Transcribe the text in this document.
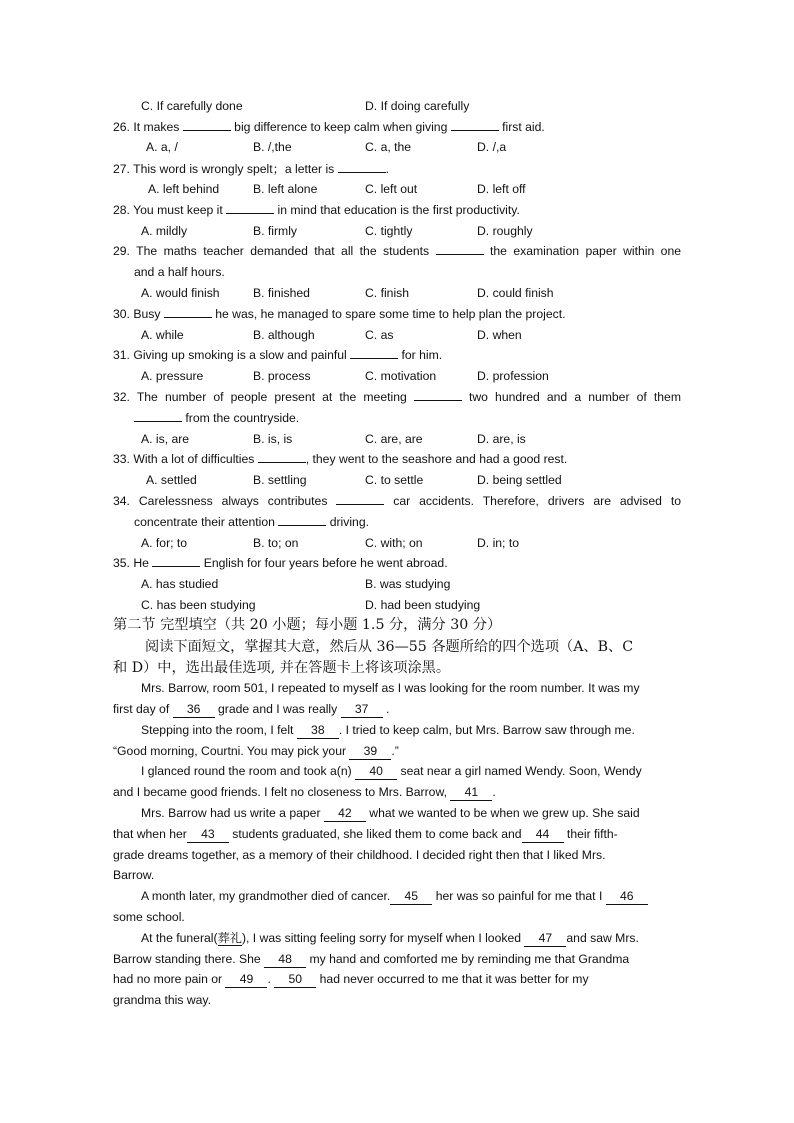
C. If carefully done	D. If doing carefully
26. It makes	big difference to keep calm when giving	first aid.
A. a, /	B. /,the	C. a, the	D. /,a
27. This word is wrongly spelt；a letter is	.
A. left behind	B. left alone	C. left out	D. left off
28. You must keep it	in mind that education is the first productivity.
A. mildly	B. firmly	C. tightly	D. roughly
29. The maths teacher demanded that all the students	the examination paper within one
and a half hours.
A. would finish	B. finished	C. finish	D. could finish
30. Busy	he was, he managed to spare some time to help plan the project.
A. while	B. although	C. as	D. when
31. Giving up smoking is a slow and painful	for him.
A. pressure	B. process	C. motivation	D. profession
32. The number of people present at the meeting	two hundred and a number of them
from the countryside.
A. is, are	B. is, is	C. are, are	D. are, is
33. With a lot of difficulties	, they went to the seashore and had a good rest.
A. settled	B. settling	C. to settle	D. being settled
34. Carelessness always contributes	car accidents. Therefore, drivers are advised to
concentrate their attention	driving.
A. for; to	B. to; on	C. with; on	D. in; to
35. He	English for four years before he went abroad.
A. has studied	B. was studying
C. has been studying	D. had been studying
第二节 完型填空（共 20 小题；每小题 1.5 分，满分 30 分）
阅读下面短文，掌握其大意，然后从 36—55 各题所给的四个选项（A、B、C
和 D）中，选出最佳选项, 并在答题卡上将该项涂黑。
Mrs. Barrow, room 501, I repeated to myself as I was looking for the room number. It was my
first day of 36 grade and I was really 37 .
Stepping into the room, I felt 38 . I tried to keep calm, but Mrs. Barrow saw through me.
“Good morning, Courtni. You may pick your 39 .”
I glanced round the room and took a(n) 40 seat near a girl named Wendy. Soon, Wendy
and I became good friends. I felt no closeness to Mrs. Barrow, 41 .
Mrs. Barrow had us write a paper 42 what we wanted to be when we grew up. She said
that when her 43 students graduated, she liked them to come back and 44 their fifth-
grade dreams together, as a memory of their childhood. I decided right then that I liked Mrs.
Barrow.
A month later, my grandmother died of cancer. 45 her was so painful for me that I 46
some school.
At the funeral(葬礼), I was sitting feeling sorry for myself when I looked 47 and saw Mrs.
Barrow standing there. She 48 my hand and comforted me by reminding me that Grandma
had no more pain or 49 . 50 had never occurred to me that it was better for my
grandma this way.
